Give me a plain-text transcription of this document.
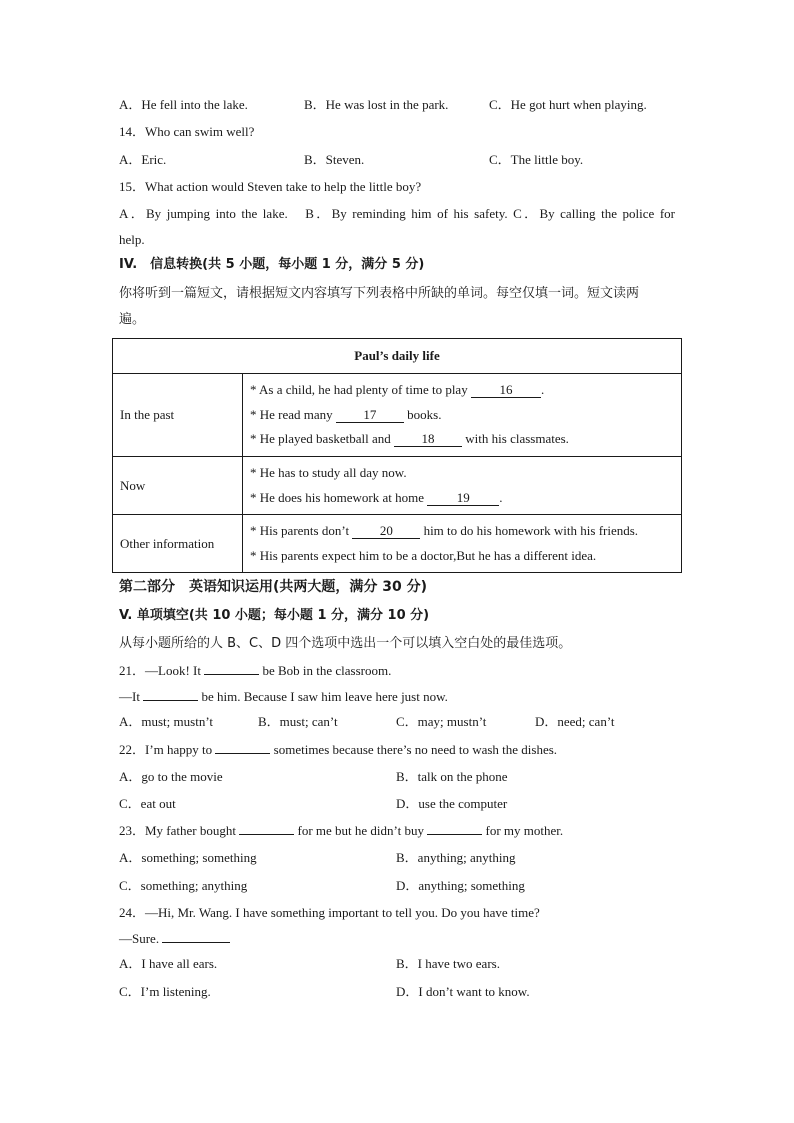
A．He fell into the lake.	B．He was lost in the park.	C．He got hurt when playing.
14．Who can swim well?
A．Eric.	B．Steven.	C．The little boy.
15．What action would Steven take to help the little boy?
A．By jumping into the lake.　B．By reminding him of his safety. C．By calling the police for
help.
IV.　信息转换(共 5 小题，每小题 1 分，满分 5 分)
你将听到一篇短文，请根据短文内容填写下列表格中所缺的单词。每空仅填一词。短文读两
遍。
Paul’s daily life	
In the past	* As a child, he had plenty of time to play 16 .
* He read many 17 books.
* He played basketball and 18 with his classmates.

Now	* He has to study all day now.
* He does his homework at home 19 .

Other information	* His parents don’t 20 him to do his homework with his friends.
* His parents expect him to be a doctor,But he has a different idea.
第二部分　英语知识运用(共两大题，满分 30 分)
V. 单项填空(共 10 小题；每小题 1 分，满分 10 分)
从每小题所给的人 B、C、D 四个选项中选出一个可以填入空白处的最佳选项。
21．—Look! It	be Bob in the classroom.
—It	be him. Because I saw him leave here just now.
A．must; mustn’t	B．must; can’t	C．may; mustn’t	D．need; can’t
22．I’m happy to	sometimes because there’s no need to wash the dishes.
A．go to the movie	B．talk on the phone
C．eat out	D．use the computer
23．My father bought	for me but he didn’t buy	for my mother.
A．something; something	B．anything; anything
C．something; anything	D．anything; something
24．—Hi, Mr. Wang. I have something important to tell you. Do you have time?
—Sure.
A．I have all ears.	B．I have two ears.
C．I’m listening.	D．I don’t want to know.
